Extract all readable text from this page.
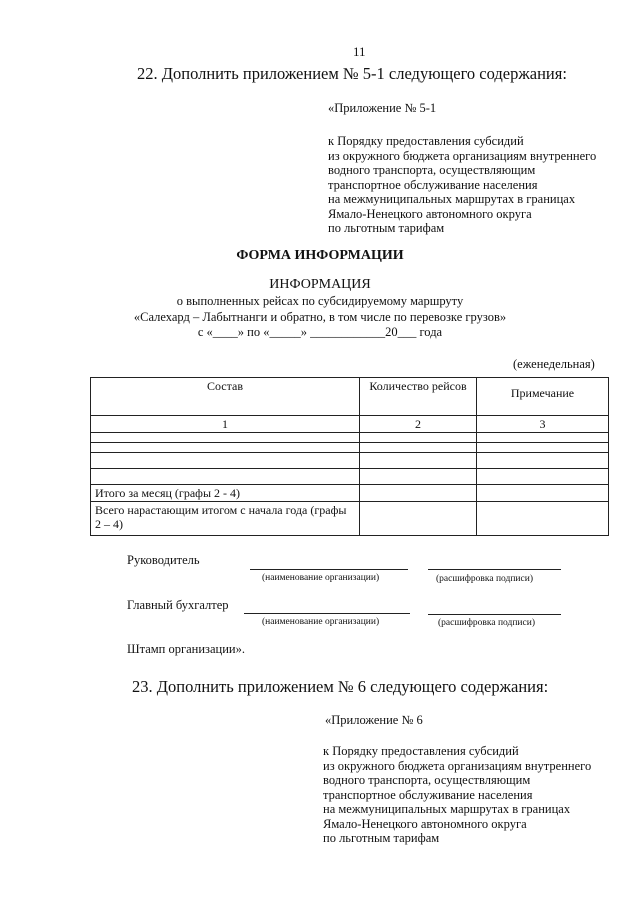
11
22. Дополнить приложением № 5-1 следующего содержания:
«Приложение № 5-1
к Порядку предоставления субсидий
из окружного бюджета организациям внутреннего
водного транспорта, осуществляющим
транспортное обслуживание населения
на межмуниципальных маршрутах в границах
Ямало-Ненецкого автономного округа
по льготным тарифам
ФОРМА ИНФОРМАЦИИ
ИНФОРМАЦИЯ
о выполненных рейсах по субсидируемому маршруту
«Салехард – Лабытнанги и обратно, в том числе по перевозке грузов»
с «____» по «_____» ____________20___ года
(еженедельная)
Состав	Количество рейсов	Примечание
1	2	3

Итого за месяц (графы 2 - 4)		
Всего нарастающим итогом с начала года (графы 2 – 4)		
Руководитель
(наименование организации)	(расшифровка подписи)
Главный бухгалтер
(наименование организации)	(расшифровка подписи)
Штамп организации».
23. Дополнить приложением № 6 следующего содержания:
«Приложение № 6
к Порядку предоставления субсидий
из окружного бюджета организациям внутреннего
водного транспорта, осуществляющим
транспортное обслуживание населения
на межмуниципальных маршрутах в границах
Ямало-Ненецкого автономного округа
по льготным тарифам
